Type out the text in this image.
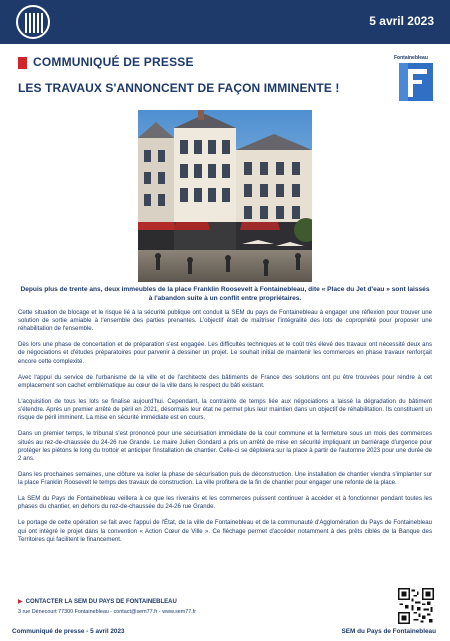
5 avril 2023
COMMUNIQUÉ DE PRESSE
LES TRAVAUX S'ANNONCENT DE FAÇON IMMINENTE !
Fontainebleau
Depuis plus de trente ans, deux immeubles de la place Franklin Roosevelt à Fontainebleau, dite « Place du Jet d'eau » sont laissés à l'abandon suite à un conflit entre propriétaires.

Cette situation de blocage et le risque lié à la sécurité publique ont conduit la SEM du pays de Fontainebleau à engager une réflexion pour trouver une solution de sortie amiable à l'ensemble des parties prenantes. L'objectif était de maîtriser l'intégralité des lots de copropriété pour proposer une réhabilitation de l'ensemble.

Dès lors une phase de concertation et de préparation s'est engagée. Les difficultés techniques et le coût très élevé des travaux ont nécessité deux ans de négociations et d'études préparatoires pour parvenir à dessiner un projet. Le souhait initial de maintenir les commerces en phase travaux renforçait encore cette complexité.

Avec l'appui du service de l'urbanisme de la ville et de l'architecte des bâtiments de France des solutions ont pu être trouvées pour rendre à cet emplacement son cachet emblématique au cœur de la ville dans le respect du bâti existant.

L'acquisition de tous les lots se finalise aujourd'hui. Cependant, la contrainte de temps liée aux négociations a laissé la dégradation du bâtiment s'étendre. Après un premier arrêté de péril en 2021, désormais leur état ne permet plus leur maintien dans un objectif de réhabilitation. Ils constituent un risque de péril imminent. La mise en sécurité immédiate est en cours.

Dans un premier temps, le tribunal s'est prononcé pour une sécurisation immédiate de la cour commune et la fermeture sous un mois des commerces situés au rez-de-chaussée du 24-26 rue Grande. Le maire Julien Gondard a pris un arrêté de mise en sécurité impliquant un barriérage d'urgence pour protéger les piétons le long du trottoir et anticiper l'installation de chantier. Celle-ci se déploiera sur la place à partir de l'automne 2023 pour une durée de 2 ans.

Dans les prochaines semaines, une clôture va isoler la phase de sécurisation puis de déconstruction. Une installation de chantier viendra s'implanter sur la place Franklin Roosevelt le temps des travaux de construction. La ville profitera de la fin de chantier pour engager une refonte de la place.

La SEM du Pays de Fontainebleau veillera à ce que les riverains et les commerces puissent continuer à accéder et à fonctionner pendant toutes les phases du chantier, en dehors du rez-de-chaussée du 24-26 rue Grande.

Le portage de cette opération se fait avec l'appui de l'État, de la ville de Fontainebleau et de la communauté d'Agglomération du Pays de Fontainebleau qui ont intégré le projet dans la convention « Action Cœur de Ville ». Ce fléchage permet d'accéder notamment à des prêts ciblés de la Banque des Territoires qui facilitent le financement.

▶ CONTACTER LA SEM DU PAYS DE FONTAINEBLEAU
3 rue Dénecourt 77300 Fontainebleau - contact@sem77.fr - www.sem77.fr
Communiqué de presse - 5 avril 2023	SEM du Pays de Fontainebleau
